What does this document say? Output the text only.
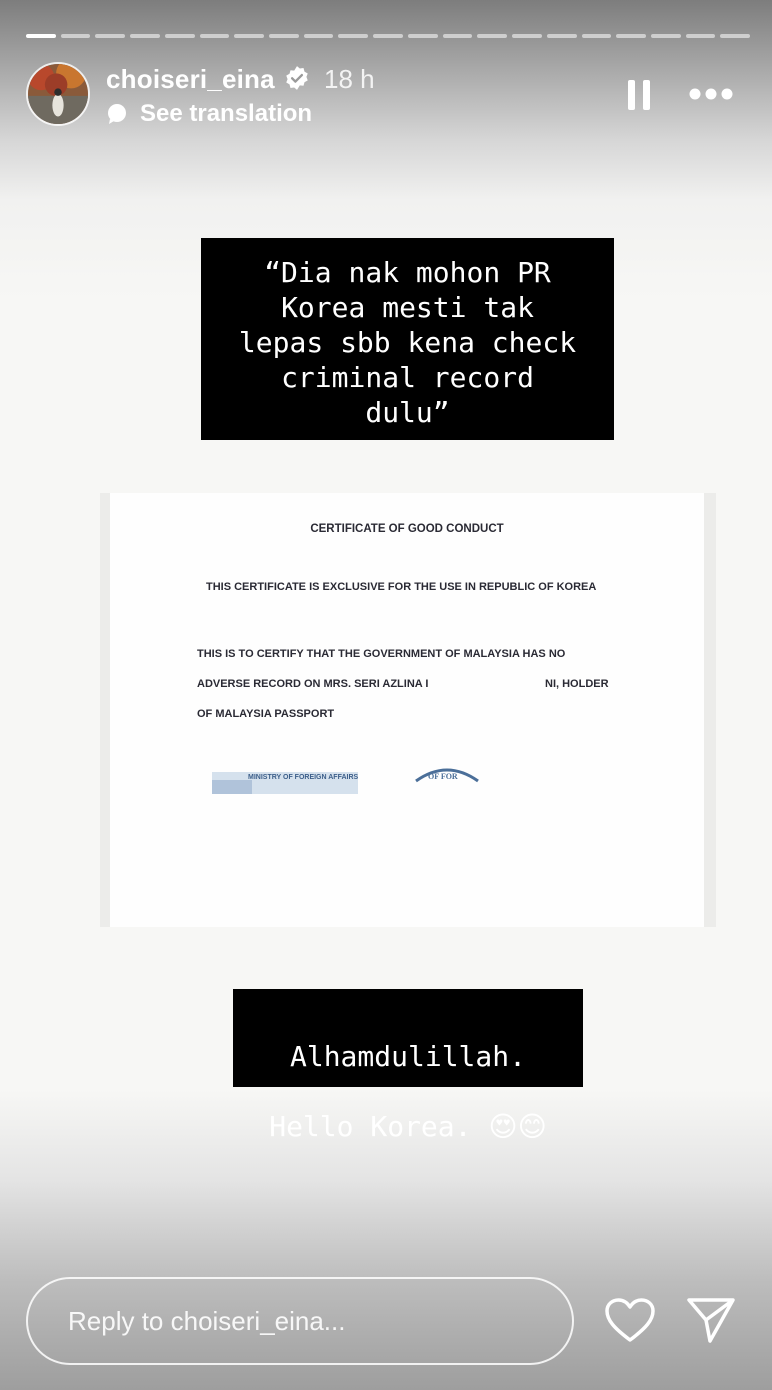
choiseri_eina 18 h
See translation
“Dia nak mohon PR
Korea mesti tak
lepas sbb kena check
criminal record
dulu”
CERTIFICATE OF GOOD CONDUCT
THIS CERTIFICATE IS EXCLUSIVE FOR THE USE IN REPUBLIC OF KOREA
THIS IS TO CERTIFY THAT THE GOVERNMENT OF MALAYSIA HAS NO
ADVERSE RECORD ON MRS. SERI AZLINA I	NI, HOLDER
OF MALAYSIA PASSPORT
MINISTRY OF FOREIGN AFFAIRS	OF FOR

Alhamdulillah.

Hello Korea. 😍😊

Reply to choiseri_eina...
